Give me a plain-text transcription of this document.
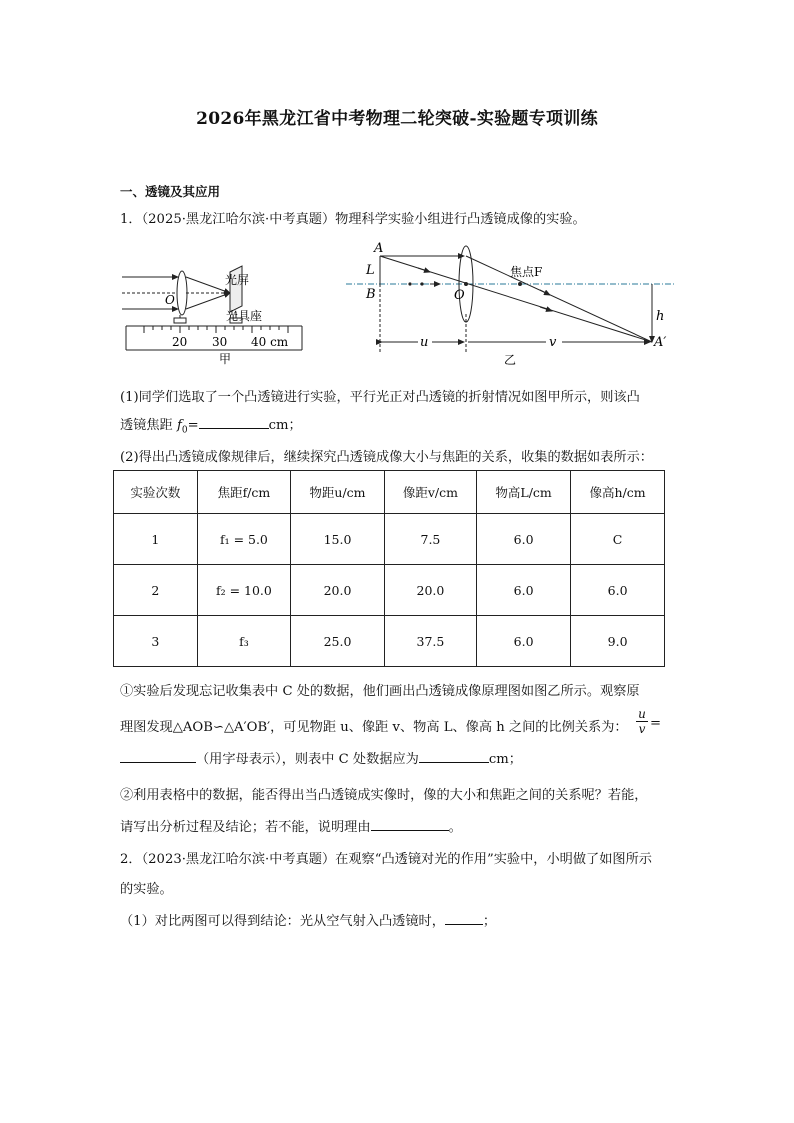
2026年黑龙江省中考物理二轮突破-实验题专项训练
一、透镜及其应用
1．（2025·黑龙江哈尔滨·中考真题）物理科学实验小组进行凸透镜成像的实验。
光屏
光具座
O
20 30 40 cm
甲
A
L
B	O
焦点F
h
A′
u	v
乙
(1)同学们选取了一个凸透镜进行实验，平行光正对凸透镜的折射情况如图甲所示，则该凸
透镜焦距 $f_0=$	cm；
(2)得出凸透镜成像规律后，继续探究凸透镜成像大小与焦距的关系，收集的数据如表所示：
实验次数	焦距f/cm	物距u/cm	像距v/cm	物高L/cm	像高h/cm
1	f₁ = 5.0	15.0	7.5	6.0	C
2	f₂ = 10.0	20.0	20.0	6.0	6.0
3	f₃	25.0	37.5	6.0	9.0
①实验后发现忘记收集表中 C 处的数据，他们画出凸透镜成像原理图如图乙所示。观察原
理图发现△AOB∽△A′OB′，可见物距 u、像距 v、物高 L、像高 h 之间的比例关系为： $\frac{u}{v}$ =
（用字母表示），则表中 C 处数据应为	cm；
②利用表格中的数据，能否得出当凸透镜成实像时，像的大小和焦距之间的关系呢？若能，
请写出分析过程及结论；若不能，说明理由	。
2．（2023·黑龙江哈尔滨·中考真题）在观察“凸透镜对光的作用”实验中，小明做了如图所示
的实验。
（1）对比两图可以得到结论：光从空气射入凸透镜时，	；
